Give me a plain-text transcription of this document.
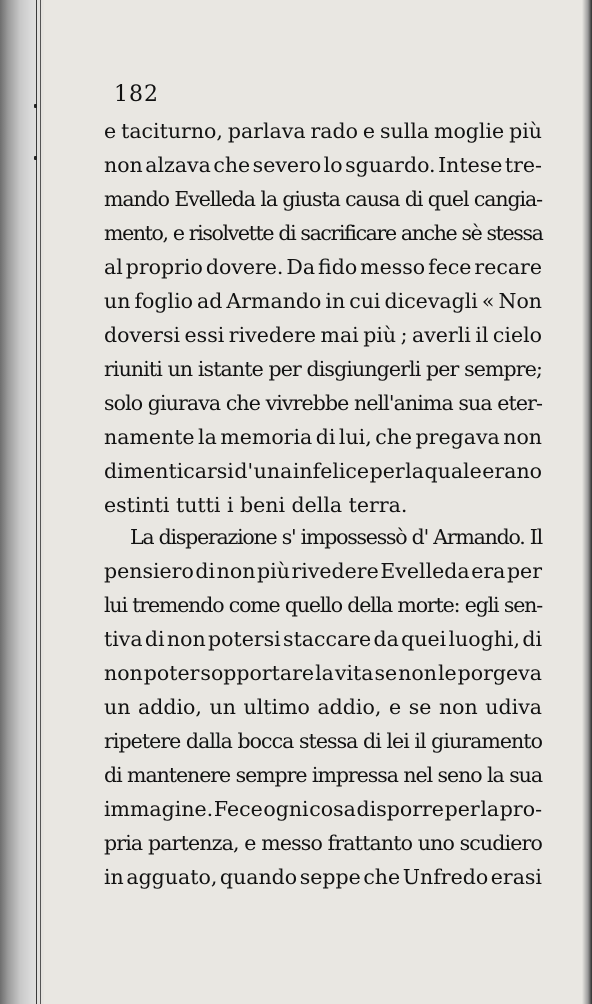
182
e taciturno, parlava rado e sulla moglie più
non alzava che severo lo sguardo. Intese tre-
mando Evelleda la giusta causa di quel cangia-
mento, e risolvette di sacrificare anche sè stessa
al proprio dovere. Da fido messo fece recare
un foglio ad Armando in cui dicevagli « Non
doversi essi rivedere mai più ; averli il cielo
riuniti un istante per disgiungerli per sempre;
solo giurava che vivrebbe nell'anima sua eter-
namente la memoria di lui, che pregava non
dimenticarsi d' una infelice per la quale erano
estinti tutti i beni della terra.
La disperazione s' impossessò d' Armando. Il
pensiero di non più rivedere Evelleda era per
lui tremendo come quello della morte: egli sen-
tiva di non potersi staccare da quei luoghi, di
non poter sopportare la vita se non le porgeva
un addio, un ultimo addio, e se non udiva
ripetere dalla bocca stessa di lei il giuramento
di mantenere sempre impressa nel seno la sua
immagine. Fece ogni cosa disporre per la pro-
pria partenza, e messo frattanto uno scudiero
in agguato, quando seppe che Unfredo erasi
